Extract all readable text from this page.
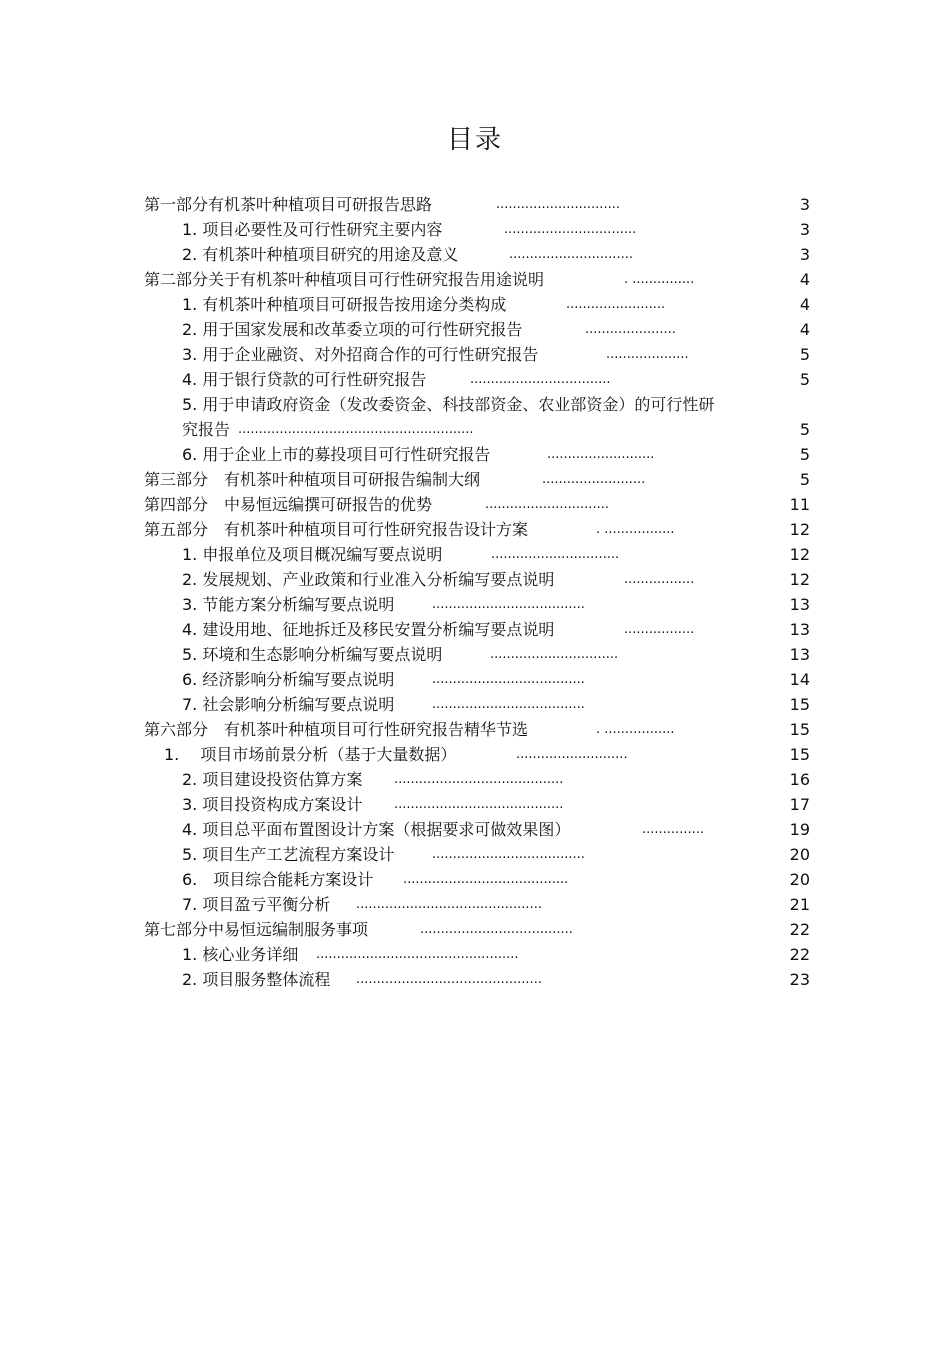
目录
第一部分有机茶叶种植项目可研报告思路	..............................	3
1. 项目必要性及可行性研究主要内容	................................	3
2. 有机茶叶种植项目研究的用途及意义	..............................	3
第二部分关于有机茶叶种植项目可行性研究报告用途说明	. ...............	4
1. 有机茶叶种植项目可研报告按用途分类构成	........................	4
2. 用于国家发展和改革委立项的可行性研究报告	......................	4
3. 用于企业融资、对外招商合作的可行性研究报告	....................	5
4. 用于银行贷款的可行性研究报告	..................................	5
5. 用于申请政府资金（发改委资金、科技部资金、农业部资金）的可行性研
究报告 .........................................................	5
6. 用于企业上市的募投项目可行性研究报告	..........................	5
第三部分　有机茶叶种植项目可研报告编制大纲	.........................	5
第四部分　中易恒远编撰可研报告的优势	..............................	11
第五部分　有机茶叶种植项目可行性研究报告设计方案	. .................	12
1. 申报单位及项目概况编写要点说明	...............................	12
2. 发展规划、产业政策和行业准入分析编写要点说明	.................	12
3. 节能方案分析编写要点说明	.....................................	13
4. 建设用地、征地拆迁及移民安置分析编写要点说明	.................	13
5. 环境和生态影响分析编写要点说明	...............................	13
6. 经济影响分析编写要点说明	.....................................	14
7. 社会影响分析编写要点说明	.....................................	15
第六部分　有机茶叶种植项目可行性研究报告精华节选	. .................	15
1.　 项目市场前景分析（基于大量数据）	...........................	15
2. 项目建设投资估算方案 .........................................	16
3. 项目投资构成方案设计 .........................................	17
4. 项目总平面布置图设计方案（根据要求可做效果图）	...............	19
5. 项目生产工艺流程方案设计	.....................................	20
6.　项目综合能耗方案设计 ........................................	20
7. 项目盈亏平衡分析 .............................................	21
第七部分中易恒远编制服务事项	.....................................	22
1. 核心业务详细 .................................................	22
2. 项目服务整体流程 .............................................	23
